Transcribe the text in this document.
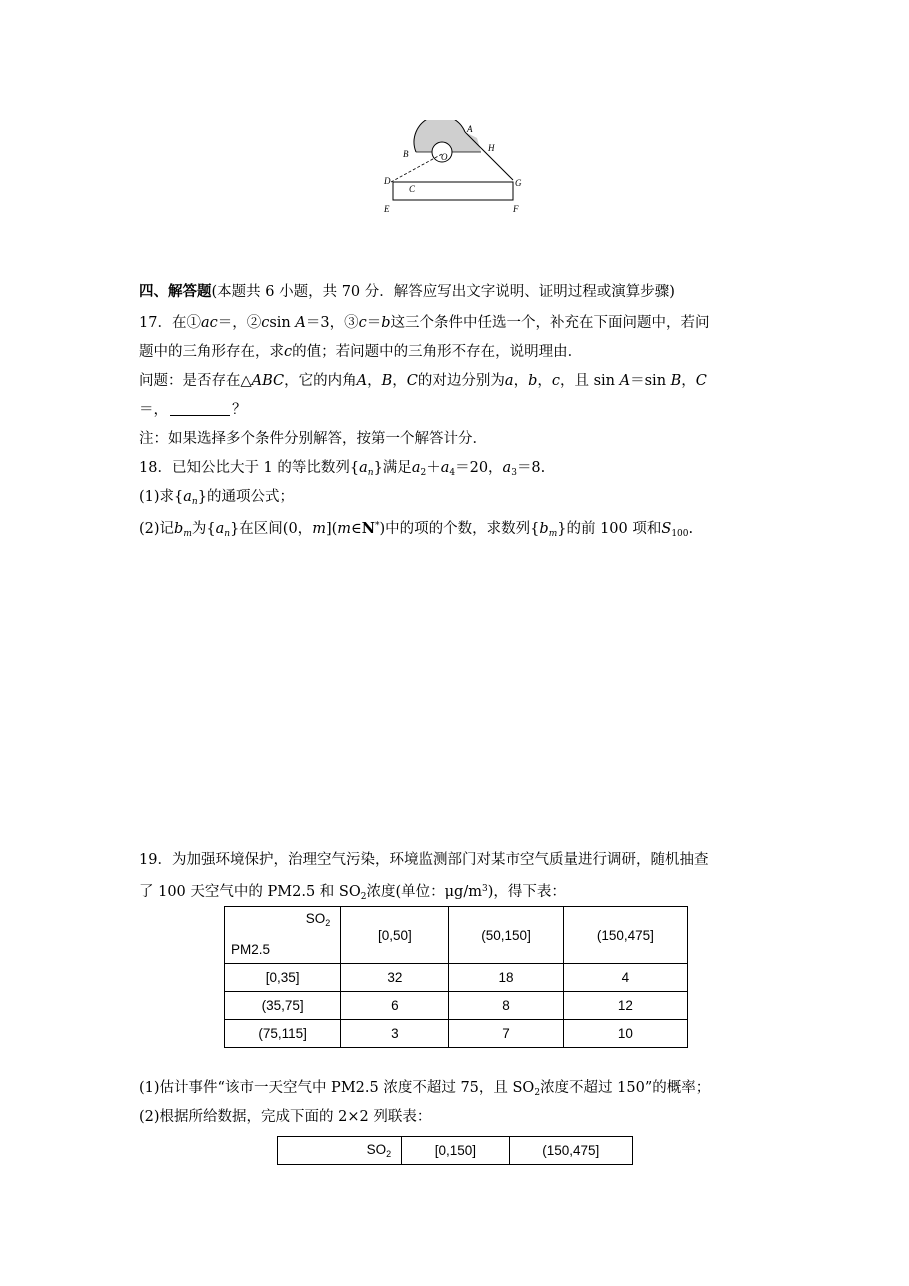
A
B	O
H
D
C
G
E	F
四、解答题(本题共 6 小题，共 70 分．解答应写出文字说明、证明过程或演算步骤)
17．在①ac＝，②csin A＝3，③c＝b这三个条件中任选一个，补充在下面问题中，若问
题中的三角形存在，求c的值；若问题中的三角形不存在，说明理由．
问题：是否存在△ABC，它的内角A，B，C的对边分别为a，b，c，且 sin A＝sin B，C
＝，	？
注：如果选择多个条件分别解答，按第一个解答计分．
18．已知公比大于 1 的等比数列$\{a_n\}$满足$a_2+a_4=20$，$a_3=8$.
(1)求$\{a_n\}$的通项公式；
(2)记$b_m$为$\{a_n\}$在区间(0，m](m∈N*)中的项的个数，求数列$\{b_m\}$的前 100 项和$S_{100}$.
19．为加强环境保护，治理空气污染，环境监测部门对某市空气质量进行调研，随机抽查
了 100 天空气中的 PM2.5 和 $SO_2$浓度(单位：$\mu g/m^3$)，得下表：
$SO_2$
PM2.5	[0,50]	(50,150]	(150,475]
[0,35]	32	18	4
(35,75]	6	8	12
(75,115]	3	7	10
(1)估计事件“该市一天空气中 PM2.5 浓度不超过 75，且 $SO_2$浓度不超过 150”的概率；
(2)根据所给数据，完成下面的 2×2 列联表：
$SO_2$	[0,150]	(150,475]
